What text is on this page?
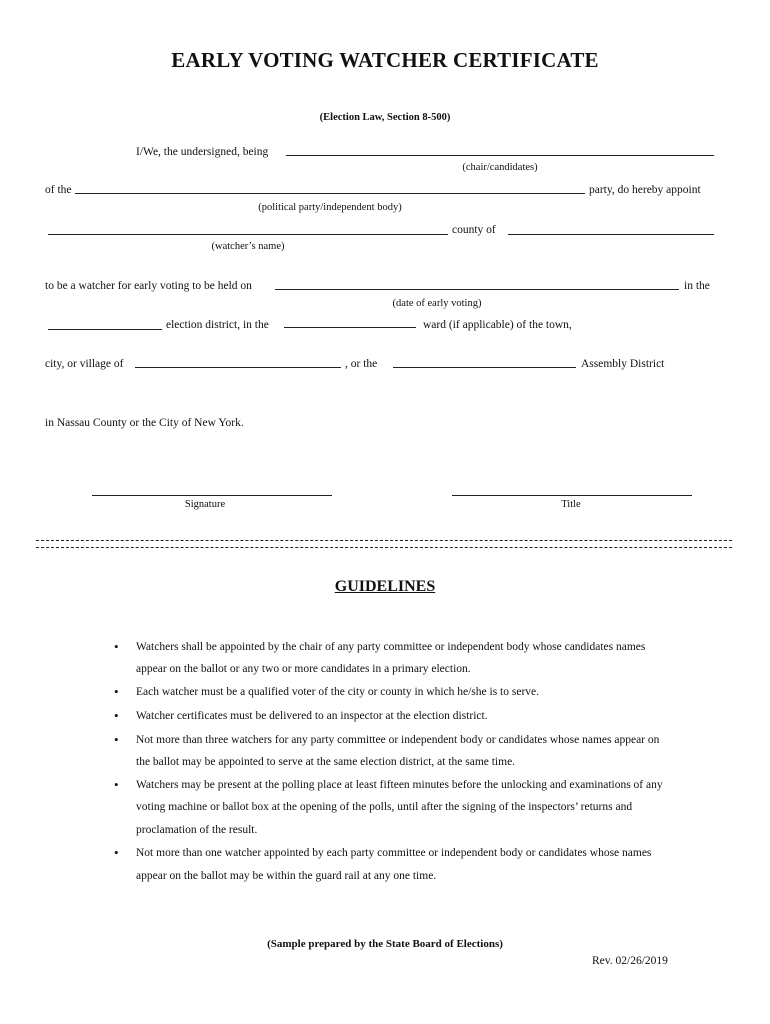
EARLY VOTING WATCHER CERTIFICATE
(Election Law, Section 8-500)
I/We, the undersigned, being
(chair/candidates)
of the	party, do hereby appoint
(political party/independent body)
county of
(watcher’s name)
to be a watcher for early voting to be held on	in the
(date of early voting)
election district, in the	ward (if applicable) of the town,
city, or village of	, or the	Assembly District
in Nassau County or the City of New York.
Signature	Title
GUIDELINES
• Watchers shall be appointed by the chair of any party committee or independent body whose candidates names
appear on the ballot or any two or more candidates in a primary election.
• Each watcher must be a qualified voter of the city or county in which he/she is to serve.
• Watcher certificates must be delivered to an inspector at the election district.
• Not more than three watchers for any party committee or independent body or candidates whose names appear on
the ballot may be appointed to serve at the same election district, at the same time.
• Watchers may be present at the polling place at least fifteen minutes before the unlocking and examinations of any
voting machine or ballot box at the opening of the polls, until after the signing of the inspectors’ returns and
proclamation of the result.
• Not more than one watcher appointed by each party committee or independent body or candidates whose names
appear on the ballot may be within the guard rail at any one time.
(Sample prepared by the State Board of Elections)
Rev. 02/26/2019
